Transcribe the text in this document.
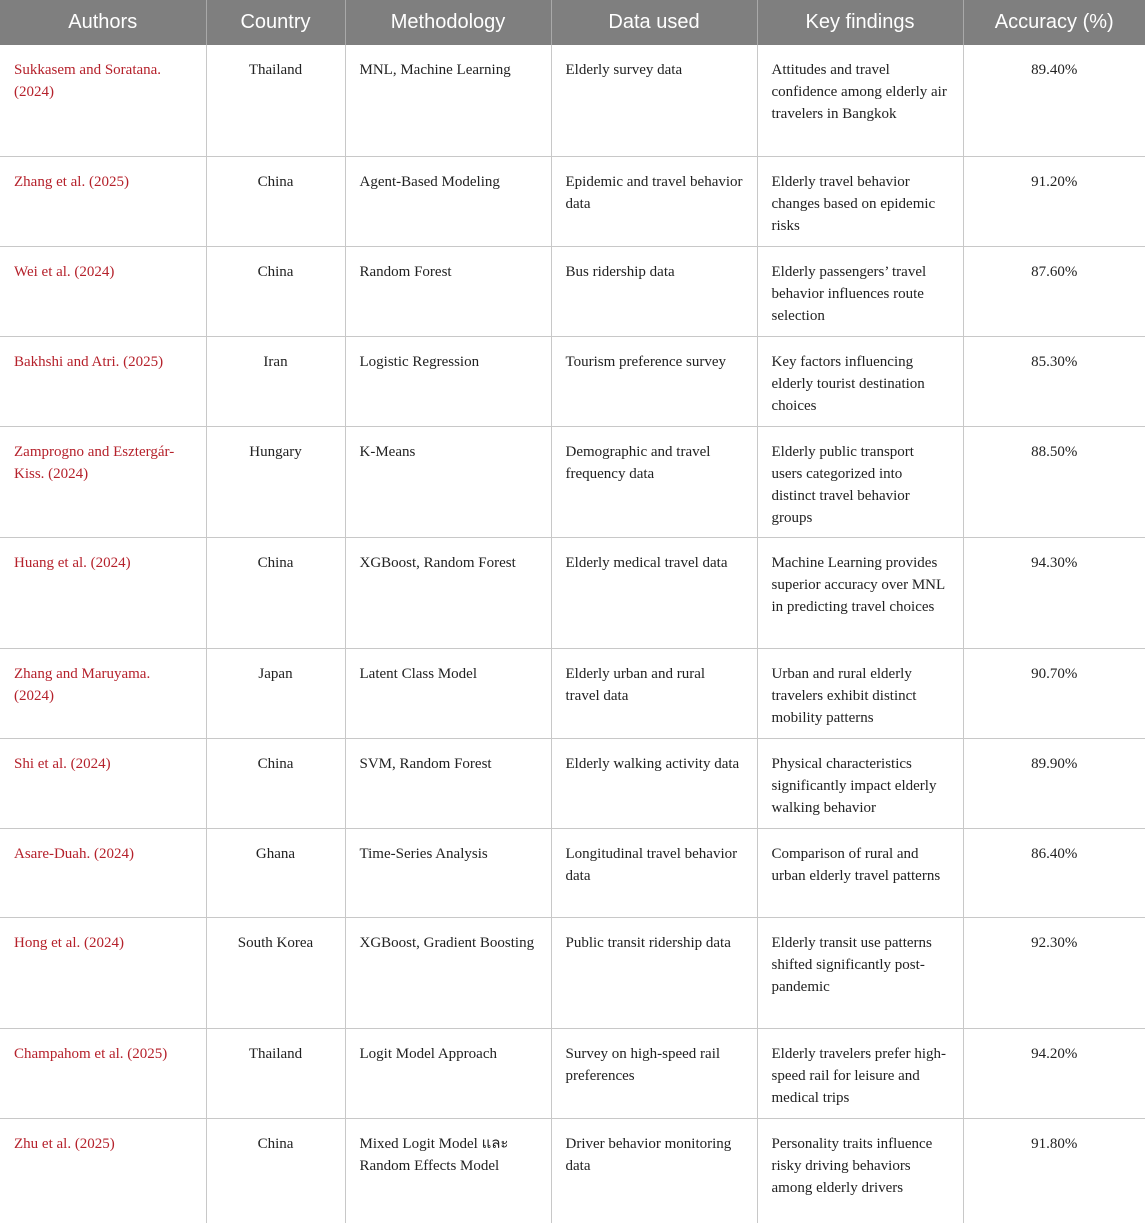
Authors	Country	Methodology	Data used	Key findings	Accuracy (%)
Sukkasem and Soratana. (2024)	Thailand	MNL, Machine Learning	Elderly survey data	Attitudes and travel confidence among elderly air travelers in Bangkok	89.40%
Zhang et al. (2025)	China	Agent-Based Modeling	Epidemic and travel behavior data	Elderly travel behavior changes based on epidemic risks	91.20%
Wei et al. (2024)	China	Random Forest	Bus ridership data	Elderly passengers’ travel behavior influences route selection	87.60%
Bakhshi and Atri. (2025)	Iran	Logistic Regression	Tourism preference survey	Key factors influencing elderly tourist destination choices	85.30%
Zamprogno and Esztergár-Kiss. (2024)	Hungary	K-Means	Demographic and travel frequency data	Elderly public transport users categorized into distinct travel behavior groups	88.50%
Huang et al. (2024)	China	XGBoost, Random Forest	Elderly medical travel data	Machine Learning provides superior accuracy over MNL in predicting travel choices	94.30%
Zhang and Maruyama. (2024)	Japan	Latent Class Model	Elderly urban and rural travel data	Urban and rural elderly travelers exhibit distinct mobility patterns	90.70%
Shi et al. (2024)	China	SVM, Random Forest	Elderly walking activity data	Physical characteristics significantly impact elderly walking behavior	89.90%
Asare-Duah. (2024)	Ghana	Time-Series Analysis	Longitudinal travel behavior data	Comparison of rural and urban elderly travel patterns	86.40%
Hong et al. (2024)	South Korea	XGBoost, Gradient Boosting	Public transit ridership data	Elderly transit use patterns shifted significantly post-pandemic	92.30%
Champahom et al. (2025)	Thailand	Logit Model Approach	Survey on high-speed rail preferences	Elderly travelers prefer high-speed rail for leisure and medical trips	94.20%
Zhu et al. (2025)	China	Mixed Logit Model และ Random Effects Model	Driver behavior monitoring data	Personality traits influence risky driving behaviors among elderly drivers	91.80%
